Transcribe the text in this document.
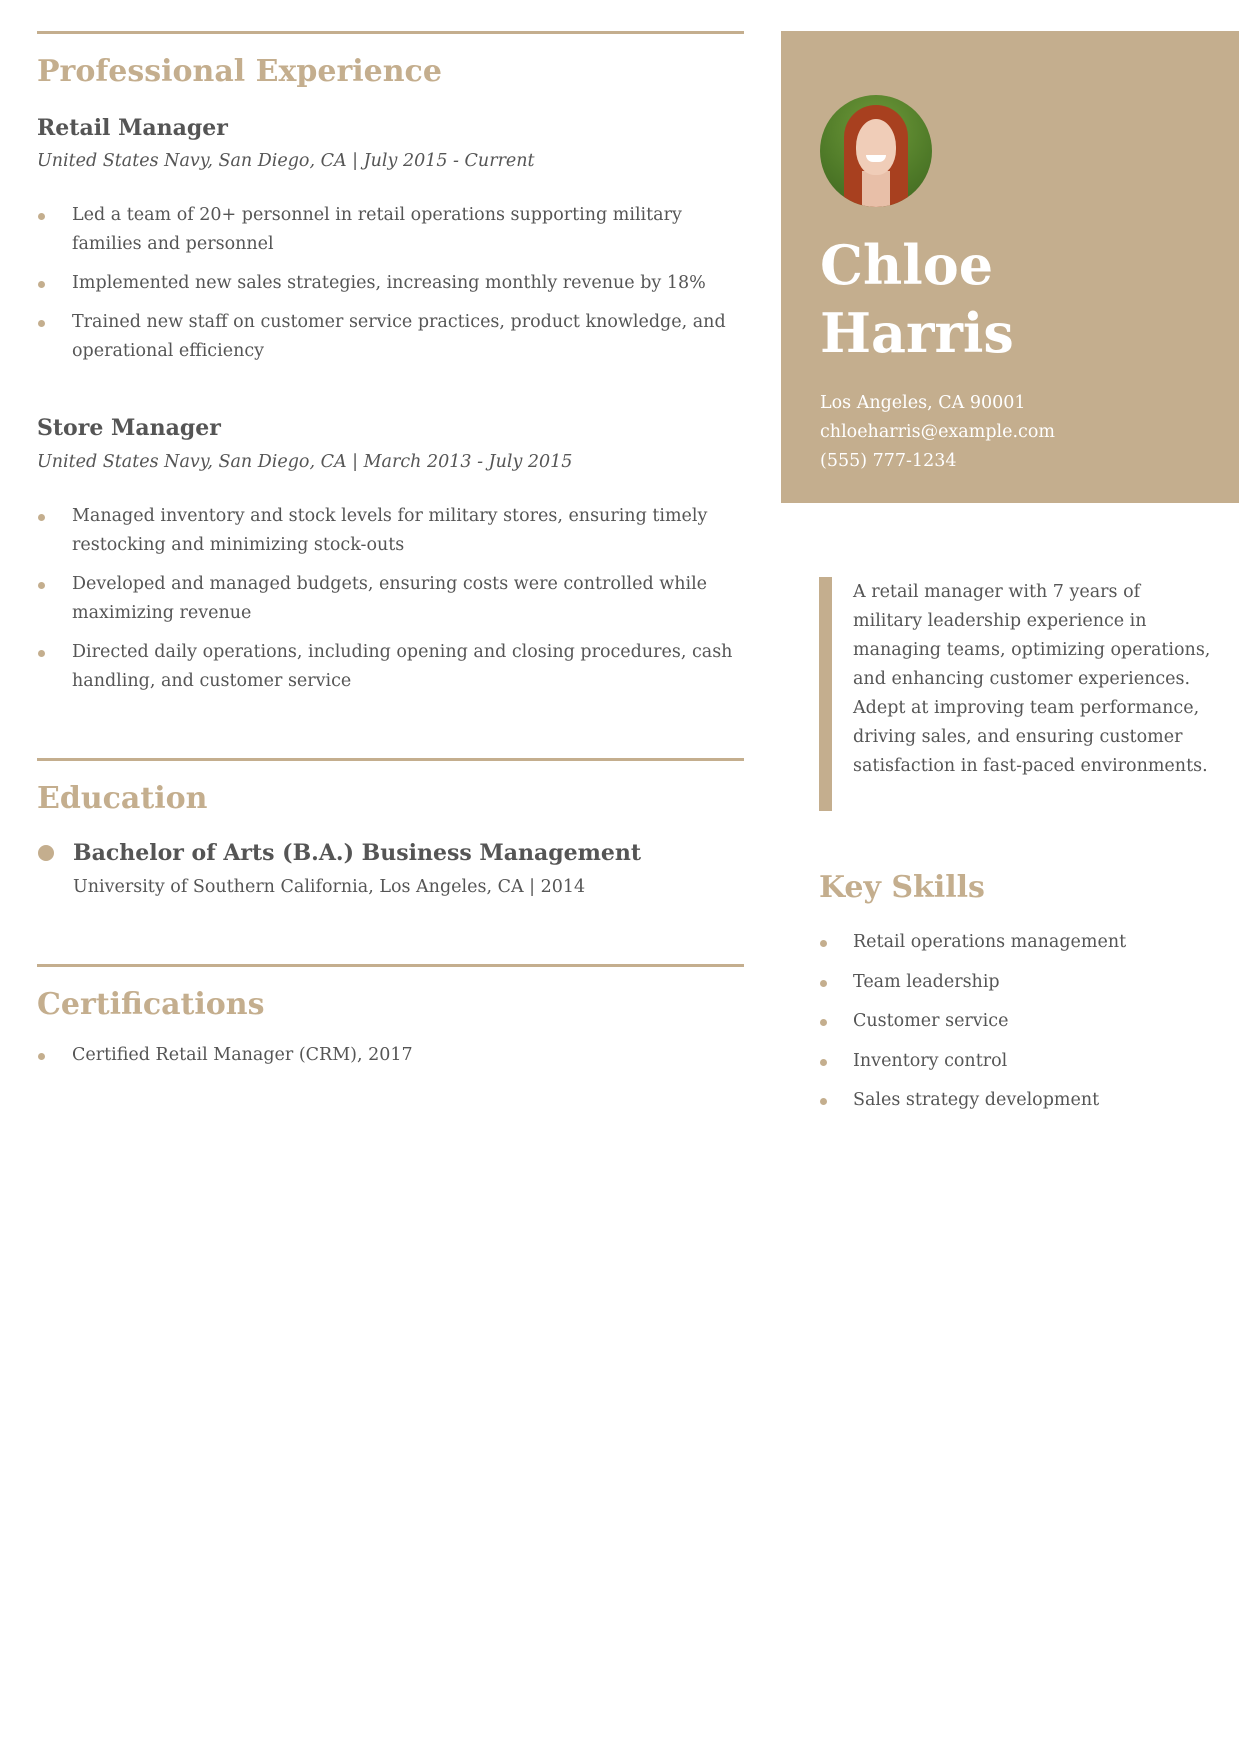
Professional Experience
Retail Manager
United States Navy, San Diego, CA | July 2015 - Current
Led a team of 20+ personnel in retail operations supporting military families and personnel
Implemented new sales strategies, increasing monthly revenue by 18%
Trained new staff on customer service practices, product knowledge, and operational efficiency
Store Manager
United States Navy, San Diego, CA | March 2013 - July 2015
Managed inventory and stock levels for military stores, ensuring timely restocking and minimizing stock-outs
Developed and managed budgets, ensuring costs were controlled while maximizing revenue
Directed daily operations, including opening and closing procedures, cash handling, and customer service
Education
Bachelor of Arts (B.A.) Business Management
University of Southern California, Los Angeles, CA | 2014
Certifications
Certified Retail Manager (CRM), 2017
Chloe
Harris
Los Angeles, CA 90001
chloeharris@example.com
(555) 777-1234
A retail manager with 7 years of military leadership experience in managing teams, optimizing operations, and enhancing customer experiences. Adept at improving team performance, driving sales, and ensuring customer satisfaction in fast-paced environments.
Key Skills
Retail operations management
Team leadership
Customer service
Inventory control
Sales strategy development
